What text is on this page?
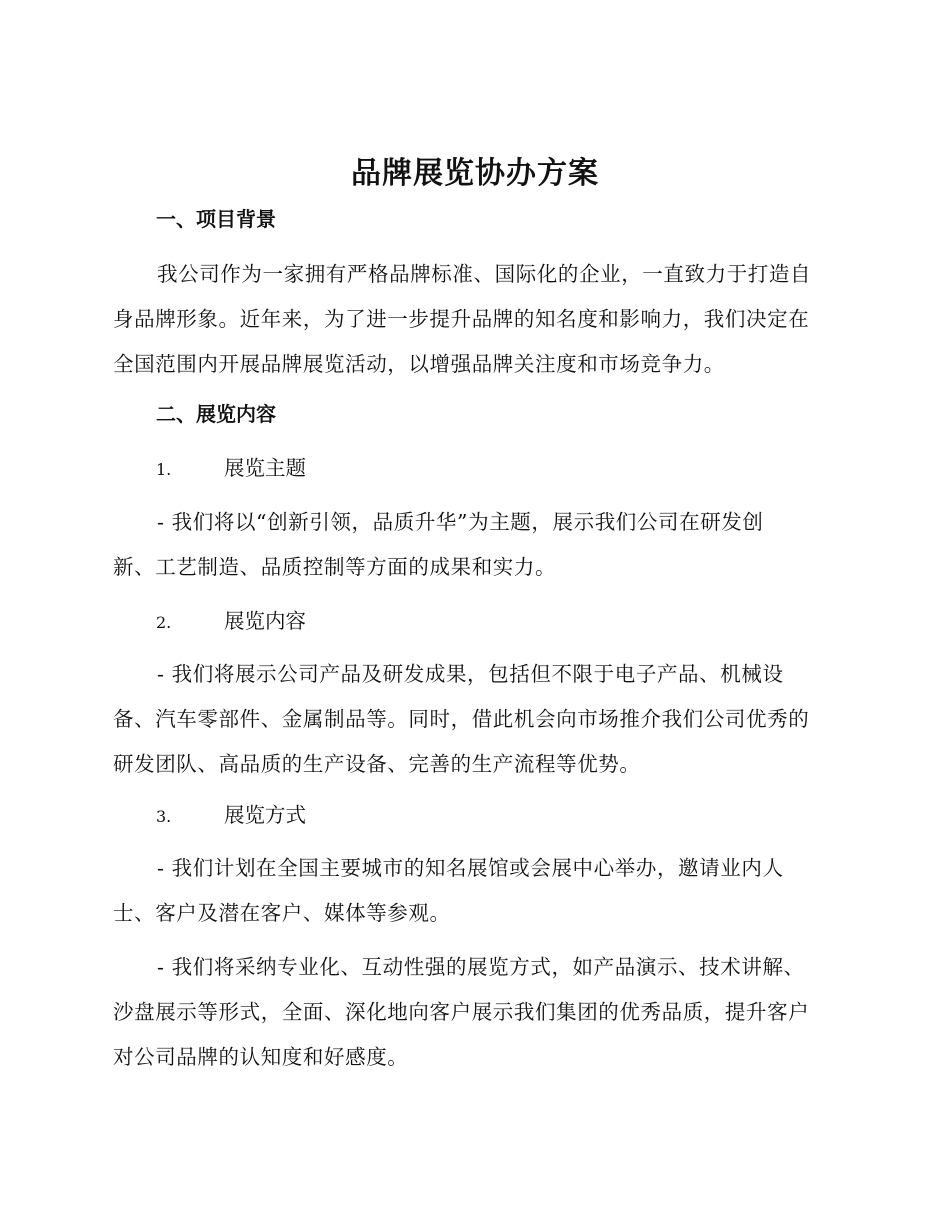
品牌展览协办方案
一、项目背景
我公司作为一家拥有严格品牌标准、国际化的企业，一直致力于打造自
身品牌形象。近年来，为了进一步提升品牌的知名度和影响力，我们决定在
全国范围内开展品牌展览活动，以增强品牌关注度和市场竞争力。
二、展览内容
1.	展览主题
- 我们将以“创新引领，品质升华”为主题，展示我们公司在研发创
新、工艺制造、品质控制等方面的成果和实力。
2.	展览内容
- 我们将展示公司产品及研发成果，包括但不限于电子产品、机械设
备、汽车零部件、金属制品等。同时，借此机会向市场推介我们公司优秀的
研发团队、高品质的生产设备、完善的生产流程等优势。
3.	展览方式
- 我们计划在全国主要城市的知名展馆或会展中心举办，邀请业内人
士、客户及潜在客户、媒体等参观。
- 我们将采纳专业化、互动性强的展览方式，如产品演示、技术讲解、
沙盘展示等形式，全面、深化地向客户展示我们集团的优秀品质，提升客户
对公司品牌的认知度和好感度。
